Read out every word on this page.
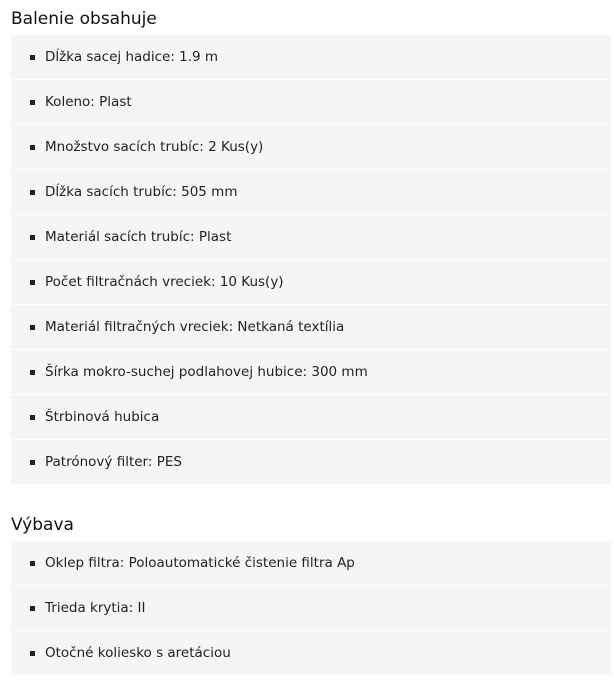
Balenie obsahuje
Dĺžka sacej hadice: 1.9 m
Koleno: Plast
Množstvo sacích trubíc: 2 Kus(y)
Dĺžka sacích trubíc: 505 mm
Materiál sacích trubíc: Plast
Počet filtračnách vreciek: 10 Kus(y)
Materiál filtračných vreciek: Netkaná textília
Šírka mokro-suchej podlahovej hubice: 300 mm
Štrbinová hubica
Patrónový filter: PES
Výbava
Oklep filtra: Poloautomatické čistenie filtra Ap
Trieda krytia: II
Otočné koliesko s aretáciou
